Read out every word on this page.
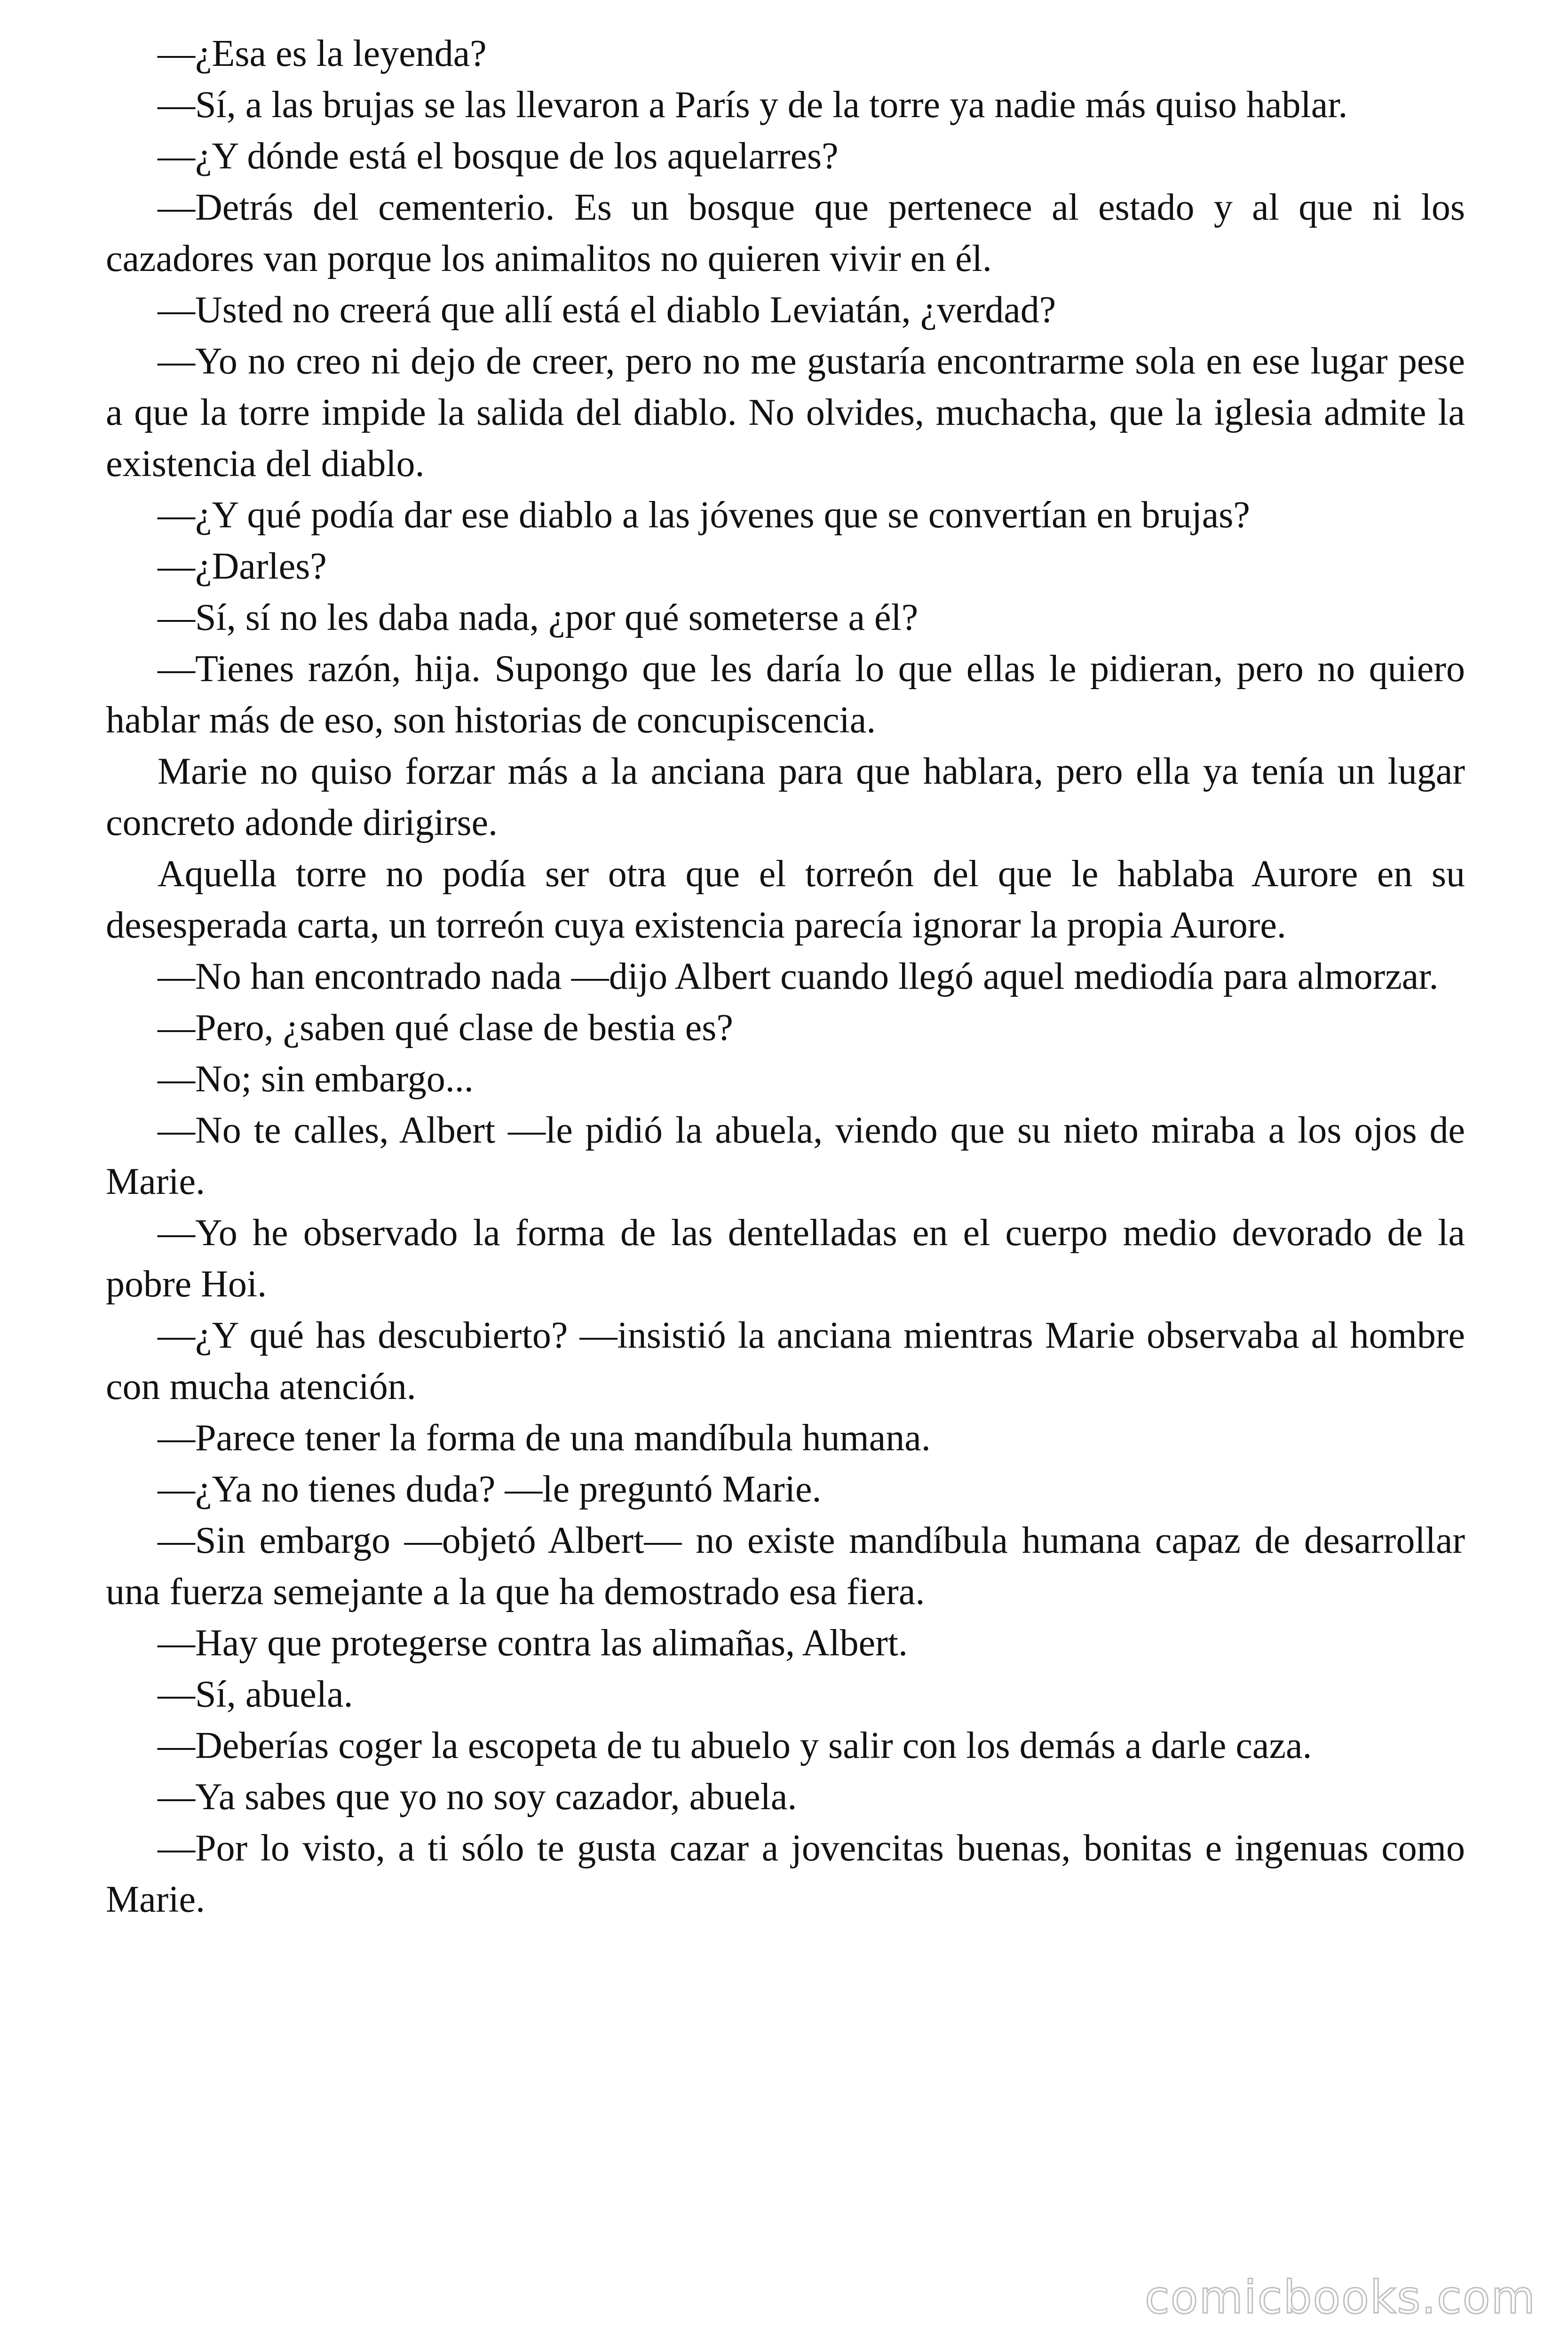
—¿Esa es la leyenda?

—Sí, a las brujas se las llevaron a París y de la torre ya nadie más quiso hablar.

—¿Y dónde está el bosque de los aquelarres?

—Detrás del cementerio. Es un bosque que pertenece al estado y al que ni los cazadores van porque los animalitos no quieren vivir en él.

—Usted no creerá que allí está el diablo Leviatán, ¿verdad?

—Yo no creo ni dejo de creer, pero no me gustaría encontrarme sola en ese lugar pese a que la torre impide la salida del diablo. No olvides, muchacha, que la iglesia admite la existencia del diablo.

—¿Y qué podía dar ese diablo a las jóvenes que se convertían en brujas?

—¿Darles?

—Sí, sí no les daba nada, ¿por qué someterse a él?

—Tienes razón, hija. Supongo que les daría lo que ellas le pidieran, pero no quiero hablar más de eso, son historias de concupiscencia.

Marie no quiso forzar más a la anciana para que hablara, pero ella ya tenía un lugar concreto adonde dirigirse.

Aquella torre no podía ser otra que el torreón del que le hablaba Aurore en su desesperada carta, un torreón cuya existencia parecía ignorar la propia Aurore.

—No han encontrado nada —dijo Albert cuando llegó aquel mediodía para almorzar.

—Pero, ¿saben qué clase de bestia es?

—No; sin embargo...

—No te calles, Albert —le pidió la abuela, viendo que su nieto miraba a los ojos de Marie.

—Yo he observado la forma de las dentelladas en el cuerpo medio devorado de la pobre Hoi.

—¿Y qué has descubierto? —insistió la anciana mientras Marie observaba al hombre con mucha atención.

—Parece tener la forma de una mandíbula humana.

—¿Ya no tienes duda? —le preguntó Marie.

—Sin embargo —objetó Albert— no existe mandíbula humana capaz de desarrollar una fuerza semejante a la que ha demostrado esa fiera.

—Hay que protegerse contra las alimañas, Albert.

—Sí, abuela.

—Deberías coger la escopeta de tu abuelo y salir con los demás a darle caza.

—Ya sabes que yo no soy cazador, abuela.

—Por lo visto, a ti sólo te gusta cazar a jovencitas buenas, bonitas e ingenuas como Marie.

comicbooks.com
